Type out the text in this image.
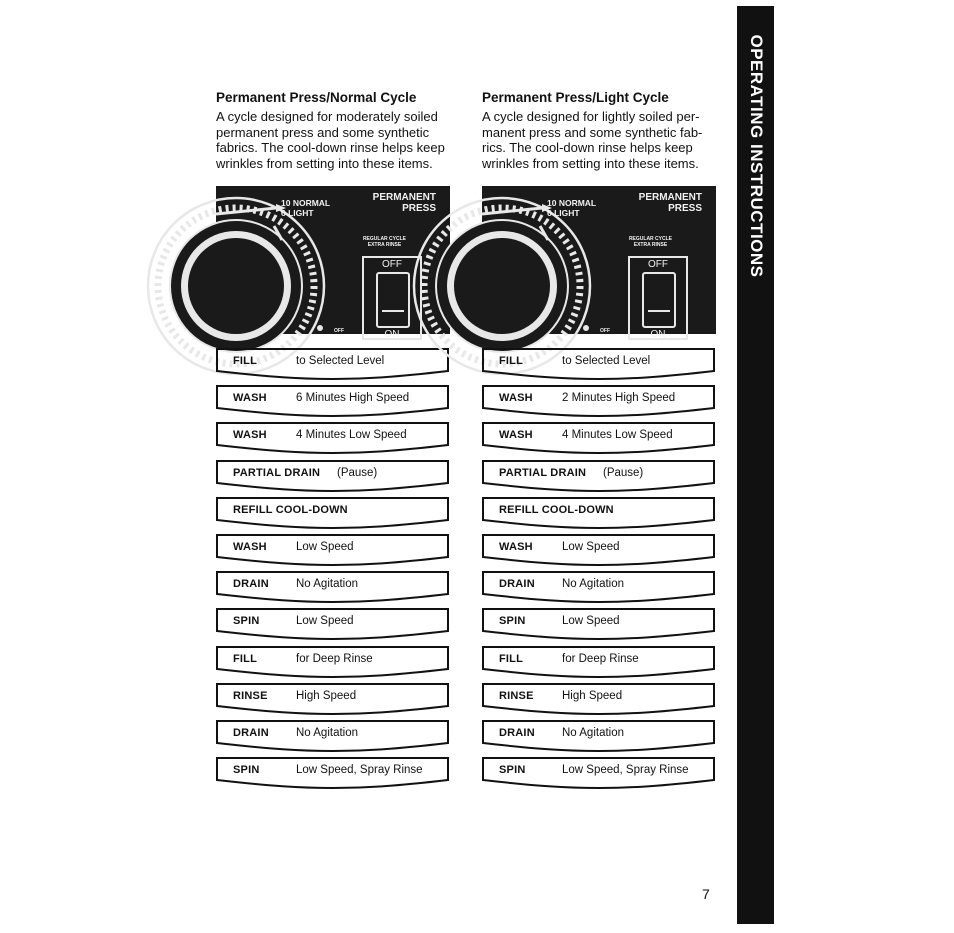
Permanent Press/Normal Cycle

A cycle designed for moderately soiled permanent press and some synthetic fabrics. The cool-down rinse helps keep wrinkles from setting into these items.

10 NORMAL
6 LIGHT
PERMANENT
PRESS
REGULAR CYCLE
EXTRA RINSE
OFF
OFF
ON
FILL	to Selected Level
WASH	6 Minutes High Speed
WASH	4 Minutes Low Speed
PARTIAL DRAIN (Pause)
REFILL COOL-DOWN
WASH	Low Speed
DRAIN No Agitation
SPIN	Low Speed
FILL	for Deep Rinse
RINSE High Speed
DRAIN No Agitation
SPIN	Low Speed, Spray Rinse
Permanent Press/Light Cycle

A cycle designed for lightly soiled per- manent press and some synthetic fab- rics. The cool-down rinse helps keep wrinkles from setting into these items.

10 NORMAL
6 LIGHT
PERMANENT
PRESS
REGULAR CYCLE
EXTRA RINSE
OFF
OFF
ON
FILL	to Selected Level
WASH	2 Minutes High Speed
WASH	4 Minutes Low Speed
PARTIAL DRAIN (Pause)
REFILL COOL-DOWN
WASH	Low Speed
DRAIN No Agitation
SPIN	Low Speed
FILL	for Deep Rinse
RINSE High Speed
DRAIN No Agitation
SPIN	Low Speed, Spray Rinse
OPERATING INSTRUCTIONS
7
